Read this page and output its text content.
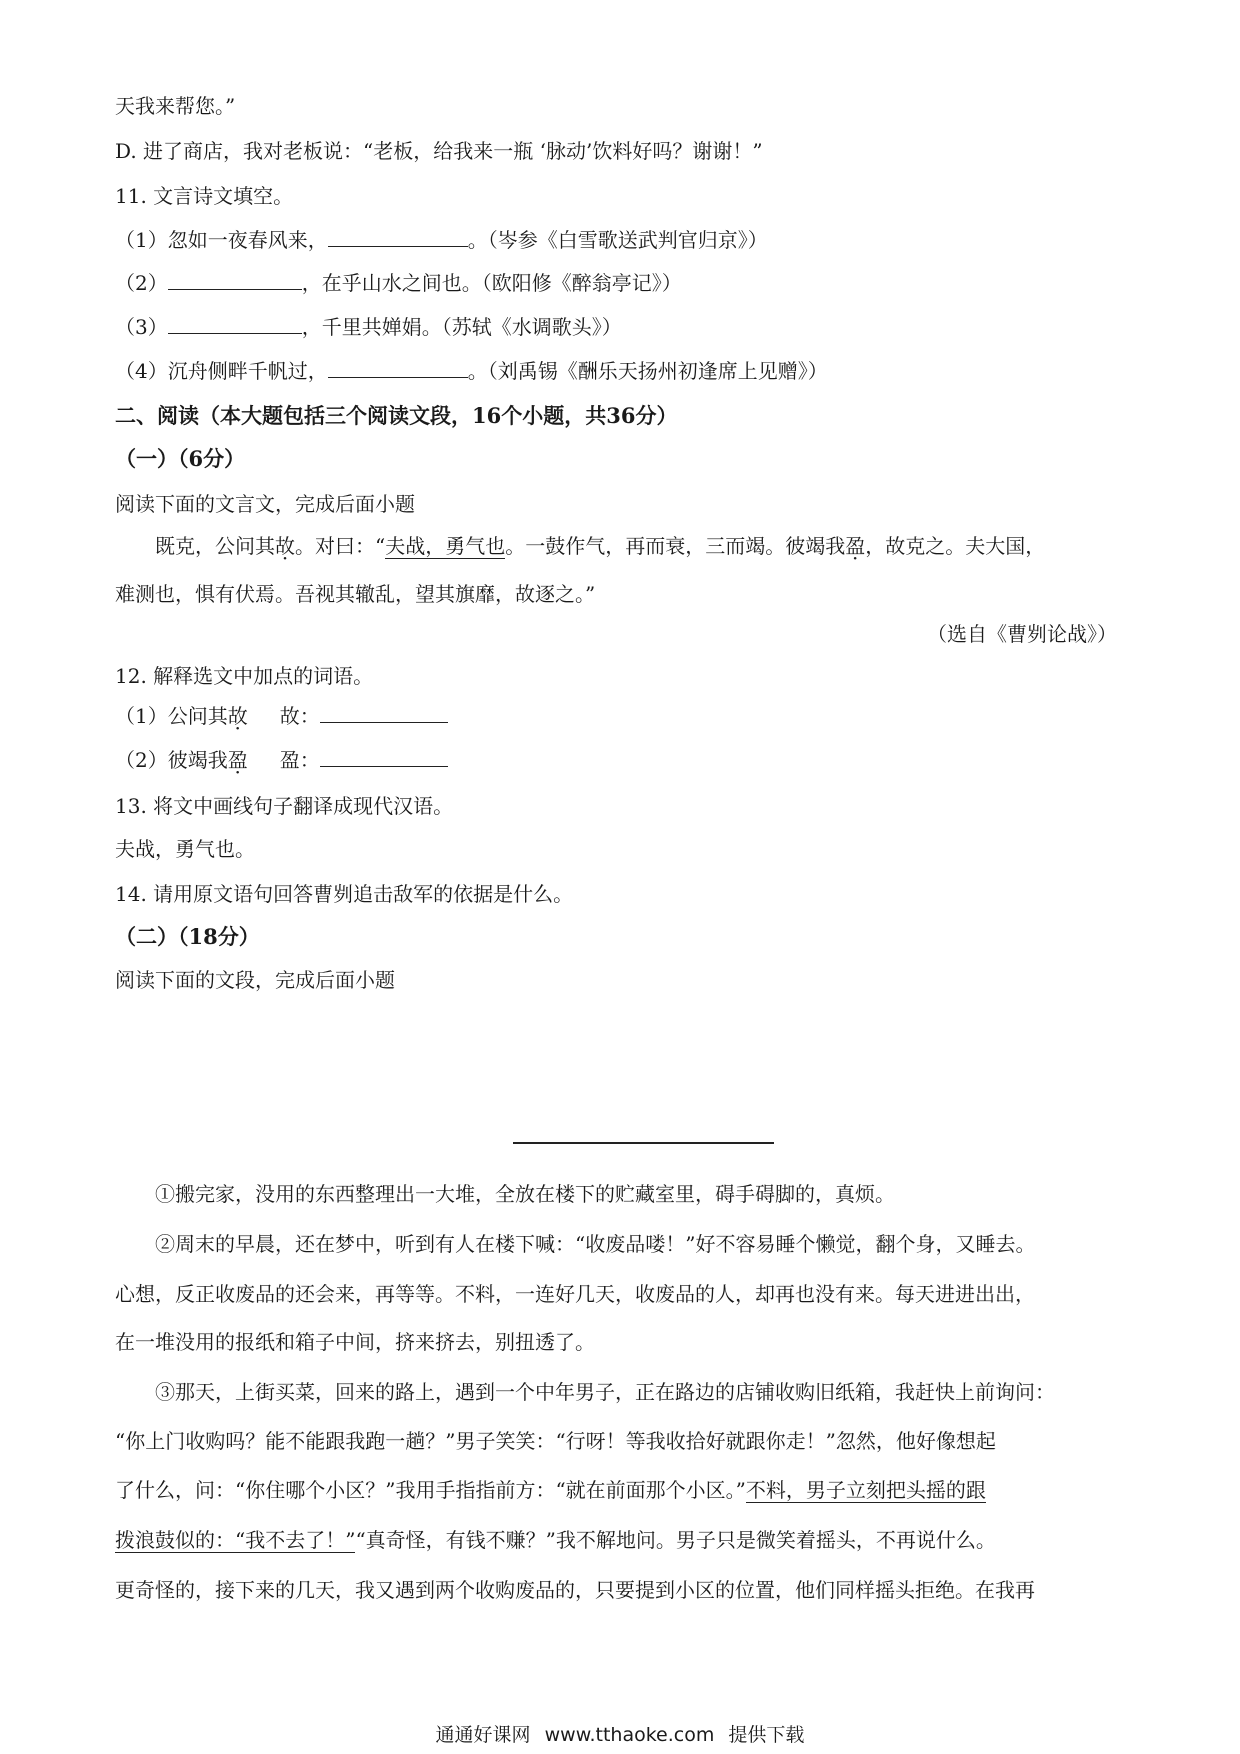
天我来帮您。”
D. 进了商店，我对老板说：“老板，给我来一瓶 ‘脉动’饮料好吗？谢谢！”
11. 文言诗文填空。
（1）忽如一夜春风来，	。（岑参《白雪歌送武判官归京》）
（2）	，在乎山水之间也。（欧阳修《醉翁亭记》）
（3）	，千里共婵娟。（苏轼《水调歌头》）
（4）沉舟侧畔千帆过，	。（刘禹锡《酬乐天扬州初逢席上见赠》）
二、阅读（本大题包括三个阅读文段，16个小题，共36分）
（一）（6分）
阅读下面的文言文，完成后面小题
既克，公问其故。对曰：“夫战，勇气也。一鼓作气，再而衰，三而竭。彼竭我盈，故克之。夫大国，
难测也，惧有伏焉。吾视其辙乱，望其旗靡，故逐之。”
（选自《曹刿论战》）
12. 解释选文中加点的词语。
（1）公问其故 故：
（2）彼竭我盈 盈：
13. 将文中画线句子翻译成现代汉语。
夫战，勇气也。
14. 请用原文语句回答曹刿追击敌军的依据是什么。
（二）（18分）
阅读下面的文段，完成后面小题
①搬完家，没用的东西整理出一大堆，全放在楼下的贮藏室里，碍手碍脚的，真烦。
②周末的早晨，还在梦中，听到有人在楼下喊：“收废品喽！”好不容易睡个懒觉，翻个身，又睡去。
心想，反正收废品的还会来，再等等。不料，一连好几天，收废品的人，却再也没有来。每天进进出出，
在一堆没用的报纸和箱子中间，挤来挤去，别扭透了。
③那天，上街买菜，回来的路上，遇到一个中年男子，正在路边的店铺收购旧纸箱，我赶快上前询问：
“你上门收购吗？能不能跟我跑一趟？”男子笑笑：“行呀！等我收拾好就跟你走！”忽然，他好像想起
了什么，问：“你住哪个小区？”我用手指指前方：“就在前面那个小区。”不料，男子立刻把头摇的跟
拨浪鼓似的：“我不去了！”“真奇怪，有钱不赚？”我不解地问。男子只是微笑着摇头，不再说什么。
更奇怪的，接下来的几天，我又遇到两个收购废品的，只要提到小区的位置，他们同样摇头拒绝。在我再
通通好课网 www.tthaoke.com 提供下载
